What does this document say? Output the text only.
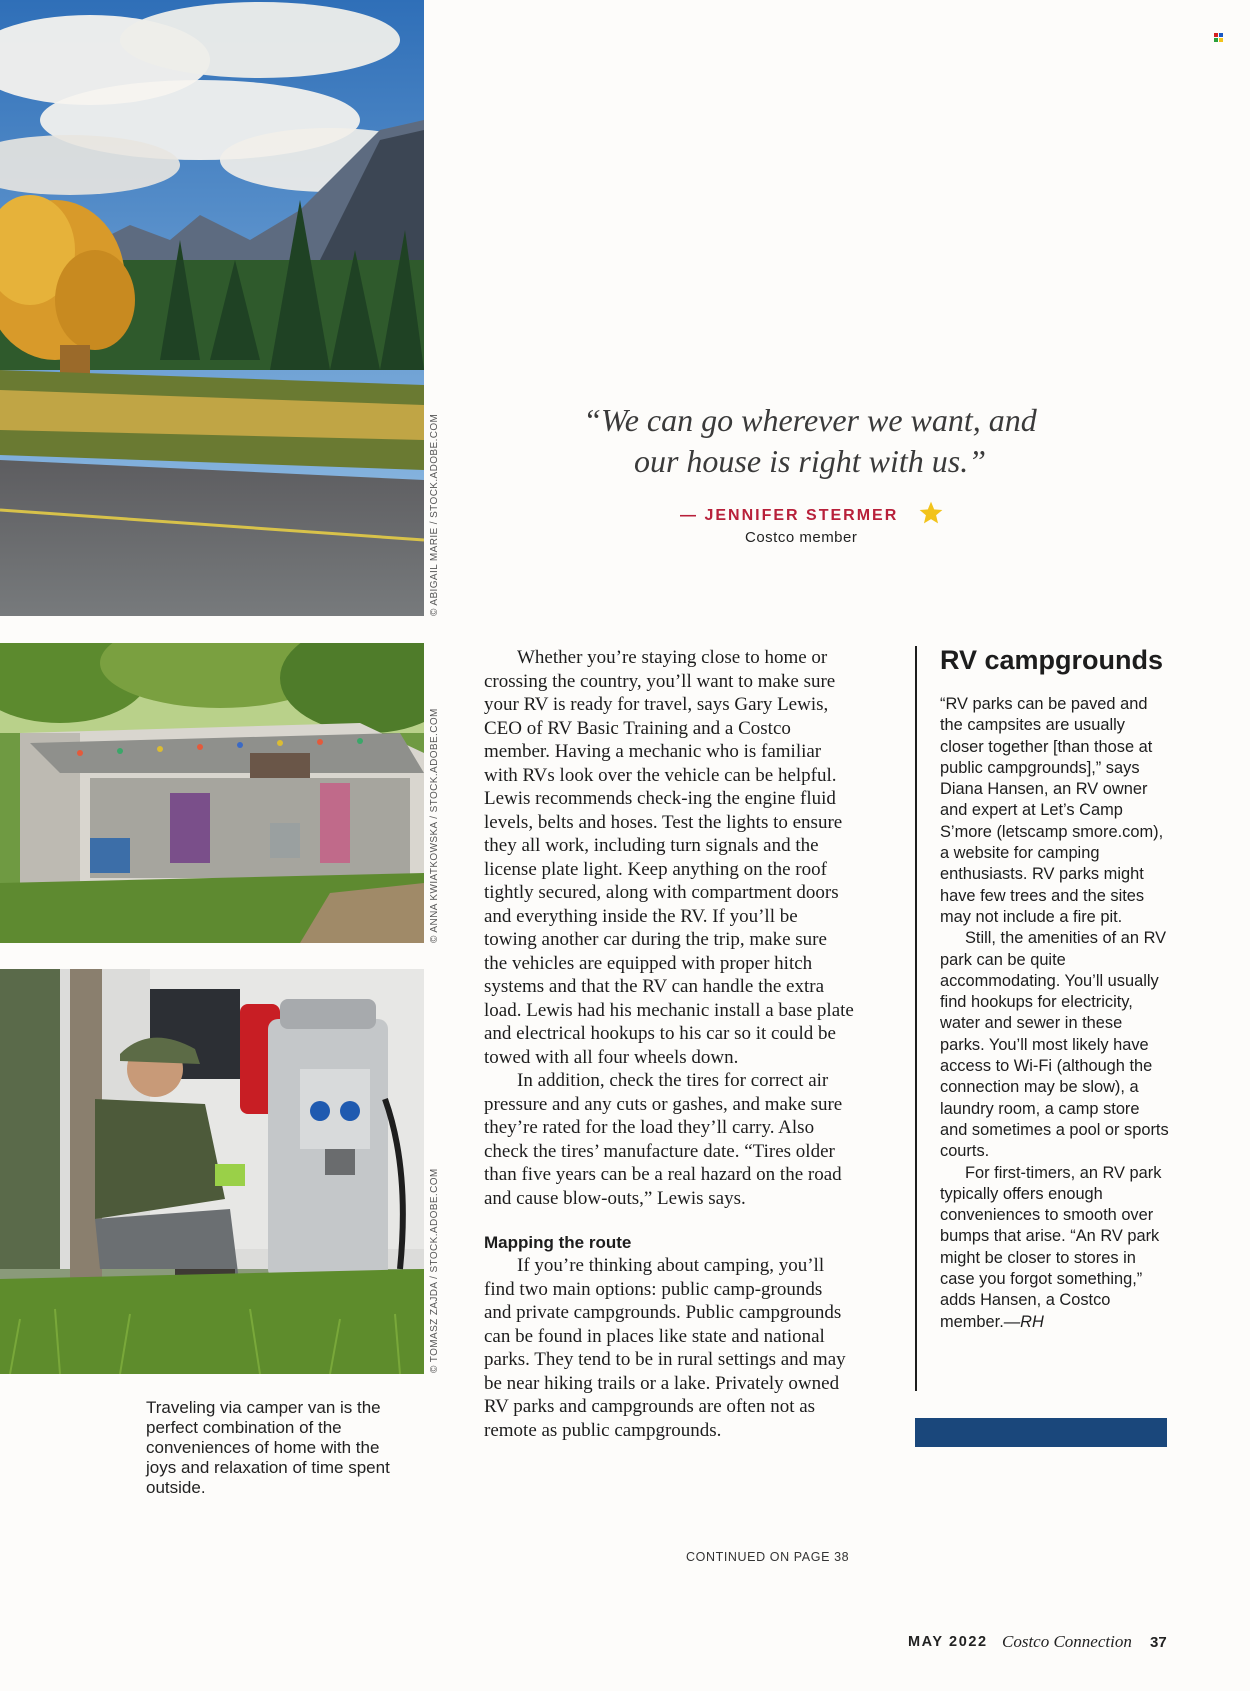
© ABIGAIL MARIE / STOCK.ADOBE.COM
© ANNA KWIATKOWSKA / STOCK.ADOBE.COM
© TOMASZ ZAJDA / STOCK.ADOBE.COM
“We can go wherever we want, and our house is right with us.”
— JENNIFER STERMER
Costco member
Traveling via camper van is the perfect combination of the conveniences of home with the joys and relaxation of time spent outside.

Whether you’re staying close to home or crossing the country, you’ll want to make sure your RV is ready for travel, says Gary Lewis, CEO of RV Basic Training and a Costco member. Having a mechanic who is familiar with RVs look over the vehicle can be helpful. Lewis recommends check-ing the engine fluid levels, belts and hoses. Test the lights to ensure they all work, including turn signals and the license plate light. Keep anything on the roof tightly secured, along with compartment doors and everything inside the RV. If you’ll be towing another car during the trip, make sure the vehicles are equipped with proper hitch systems and that the RV can handle the extra load. Lewis had his mechanic install a base plate and electrical hookups to his car so it could be towed with all four wheels down.

In addition, check the tires for correct air pressure and any cuts or gashes, and make sure they’re rated for the load they’ll carry. Also check the tires’ manufacture date. “Tires older than five years can be a real hazard on the road and cause blow-outs,” Lewis says.

Mapping the route

If you’re thinking about camping, you’ll find two main options: public camp-grounds and private campgrounds. Public campgrounds can be found in places like state and national parks. They tend to be in rural settings and may be near hiking trails or a lake. Privately owned RV parks and campgrounds are often not as remote as public campgrounds.

CONTINUED ON PAGE 38
RV campgrounds

“RV parks can be paved and the campsites are usually closer together [than those at public campgrounds],” says Diana Hansen, an RV owner and expert at Let’s Camp S’more (letscamp smore.com), a website for camping enthusiasts. RV parks might have few trees and the sites may not include a fire pit.

Still, the amenities of an RV park can be quite accommodating. You’ll usually find hookups for electricity, water and sewer in these parks. You’ll most likely have access to Wi-Fi (although the connection may be slow), a laundry room, a camp store and sometimes a pool or sports courts.

For first-timers, an RV park typically offers enough conveniences to smooth over bumps that arise. “An RV park might be closer to stores in case you forgot something,” adds Hansen, a Costco member.—RH

MAY 2022 Costco Connection 37
